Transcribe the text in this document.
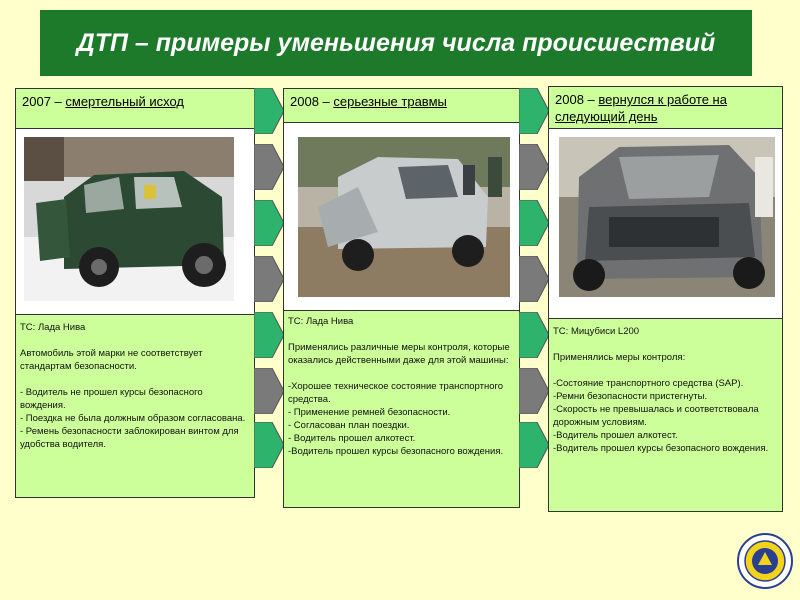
ДТП – примеры уменьшения числа происшествий
2007 – смертельный исход

ТС: Лада Нива

Автомобиль этой марки не соответствует стандартам безопасности.

- Водитель не прошел курсы безопасного вождения.

- Поездка не была должным образом согласована.

- Ремень безопасности заблокирован винтом для удобства водителя.

2008 – серьезные травмы

ТС: Лада Нива

Применялись различные меры контроля, которые оказались действенными даже для этой машины:

-Хорошее техническое состояние транспортного средства.

- Применение ремней безопасности.

- Согласован план поездки.

- Водитель прошел алкотест.

-Водитель прошел курсы безопасного вождения.

2008 – вернулся к работе на следующий день

ТС: Мицубиси L200

Применялись меры контроля:

-Состояние транспортного средства (SAP).

-Ремни безопасности пристегнуты.

-Скорость не превышалась и соответствовала дорожным условиям.

-Водитель прошел алкотест.

-Водитель прошел курсы безопасного вождения.
